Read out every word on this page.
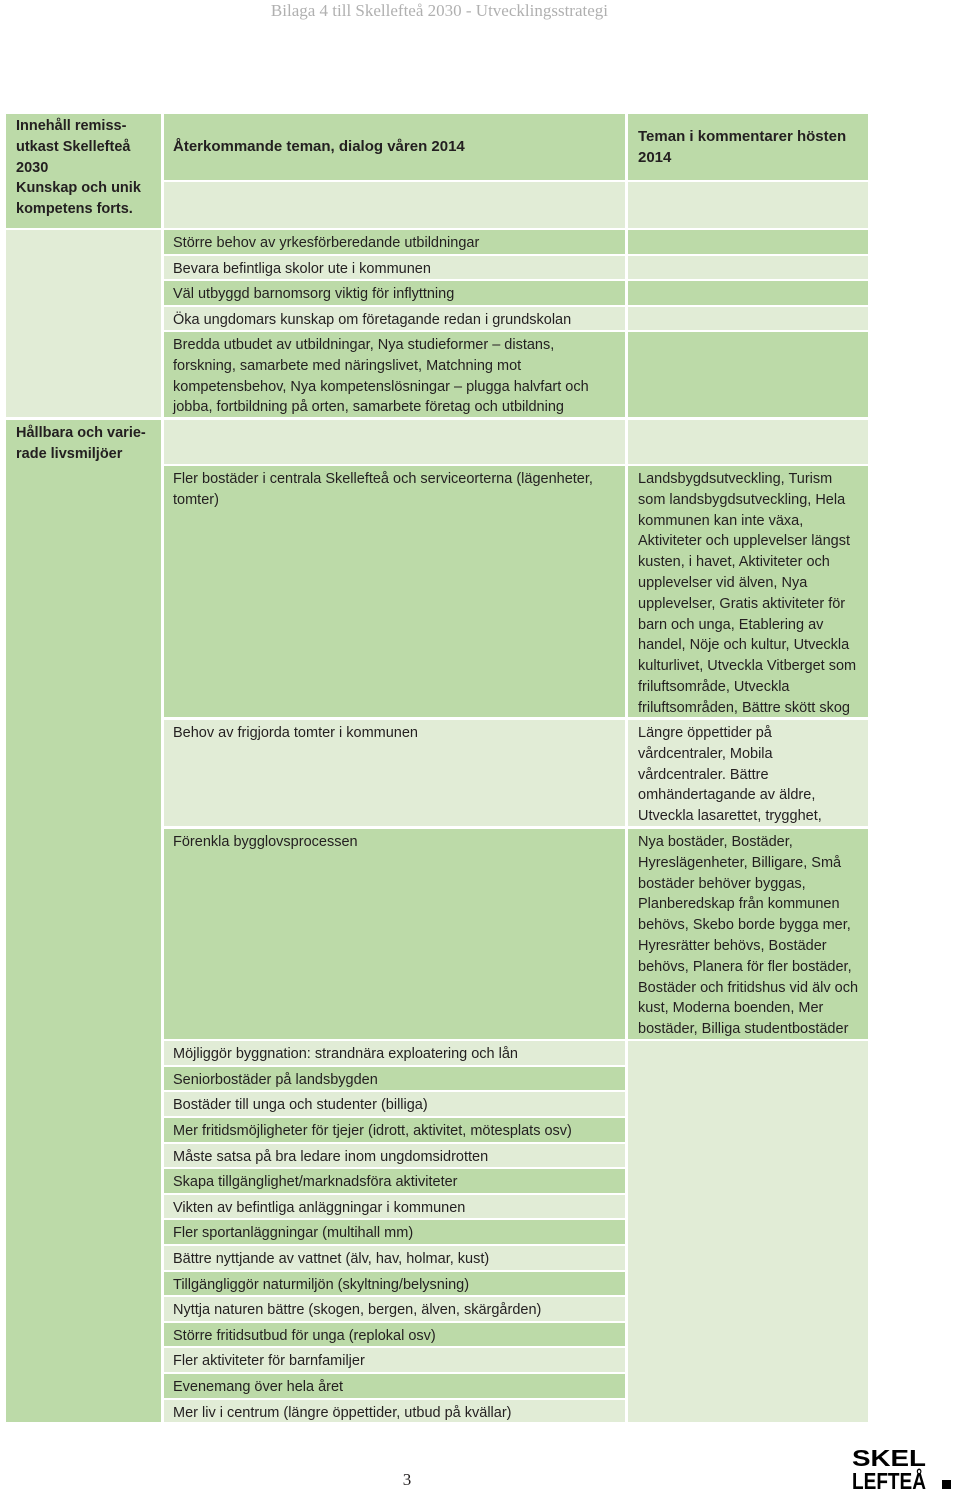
Bilaga 4 till Skellefteå 2030 - Utvecklingsstrategi
Innehåll remiss-utkast Skellefteå 2030
Kunskap och unik kompetens forts.
Hållbara och varie-rade livsmiljöer
Återkommande teman, dialog våren 2014
Större behov av yrkesförberedande utbildningar
Bevara befintliga skolor ute i kommunen
Väl utbyggd barnomsorg viktig för inflyttning
Öka ungdomars kunskap om företagande redan i grundskolan
Bredda utbudet av utbildningar, Nya studieformer – distans, forskning, samarbete med näringslivet, Matchning mot kompetensbehov, Nya kompetenslösningar – plugga halvfart och jobba, fortbildning på orten, samarbete företag och utbildning
Fler bostäder i centrala Skellefteå och serviceorterna (lägenheter, tomter)
Behov av frigjorda tomter i kommunen
Förenkla bygglovsprocessen
Möjliggör byggnation: strandnära exploatering och lån
Seniorbostäder på landsbygden
Bostäder till unga och studenter (billiga)
Mer fritidsmöjligheter för tjejer (idrott, aktivitet, mötesplats osv)
Måste satsa på bra ledare inom ungdomsidrotten
Skapa tillgänglighet/marknadsföra aktiviteter
Vikten av befintliga anläggningar i kommunen
Fler sportanläggningar (multihall mm)
Bättre nyttjande av vattnet (älv, hav, holmar, kust)
Tillgängliggör naturmiljön (skyltning/belysning)
Nyttja naturen bättre (skogen, bergen, älven, skärgården)
Större fritidsutbud för unga (replokal osv)
Fler aktiviteter för barnfamiljer
Evenemang över hela året
Mer liv i centrum (längre öppettider, utbud på kvällar)
Teman i kommentarer hösten 2014
Landsbygdsutveckling, Turism som landsbygdsutveckling, Hela kommunen kan inte växa, Aktiviteter och upplevelser längst kusten, i havet, Aktiviteter och upplevelser vid älven, Nya upplevelser, Gratis aktiviteter för barn och unga, Etablering av handel, Nöje och kultur, Utveckla kulturlivet, Utveckla Vitberget som friluftsområde, Utveckla friluftsområden, Bättre skött skog
Längre öppettider på vårdcentraler, Mobila vårdcentraler. Bättre omhändertagande av äldre, Utveckla lasarettet, trygghet,
Nya bostäder, Bostäder, Hyreslägenheter, Billigare, Små bostäder behöver byggas, Planberedskap från kommunen behövs, Skebo borde bygga mer, Hyresrätter behövs, Bostäder behövs, Planera för fler bostäder, Bostäder och fritidshus vid älv och kust, Moderna boenden, Mer bostäder, Billiga studentbostäder
3
SKEL
LEFTEÅ
